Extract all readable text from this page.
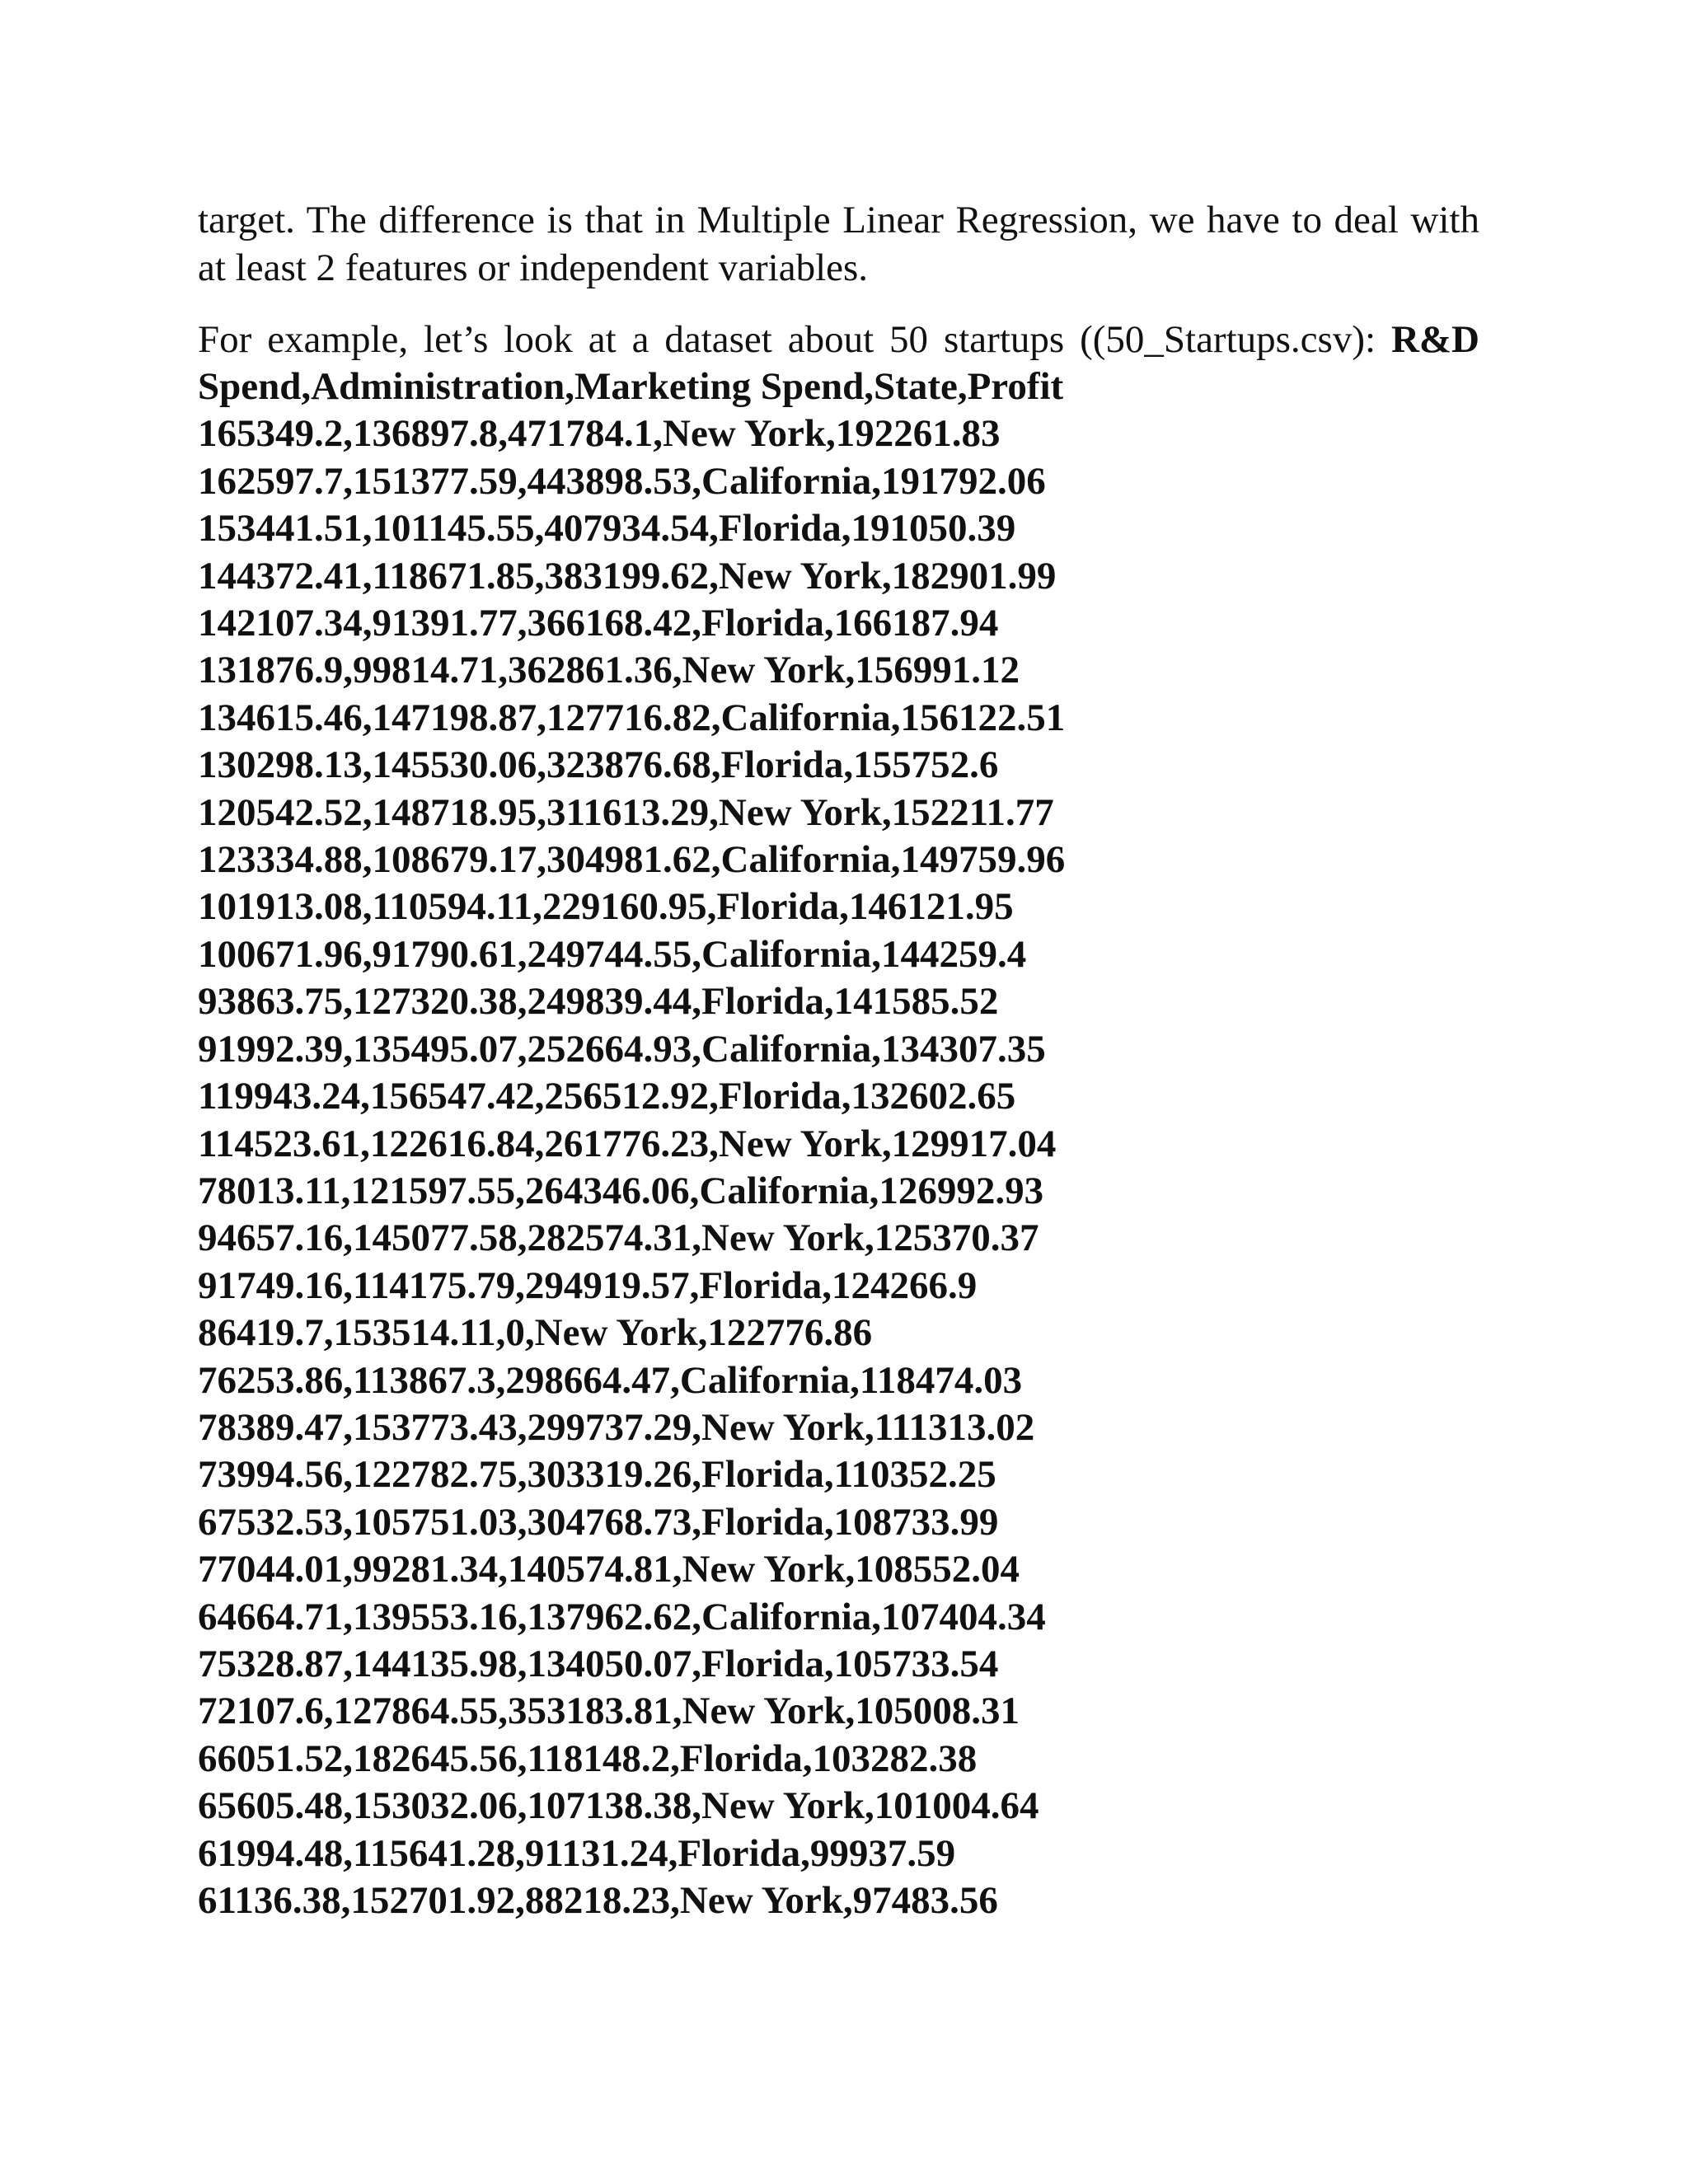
target. The difference is that in Multiple Linear Regression, we have to deal with at least 2 features or independent variables.

For example, let’s look at a dataset about 50 startups ((50_Startups.csv): R&D
Spend,Administration,Marketing Spend,State,Profit
165349.2,136897.8,471784.1,New York,192261.83
162597.7,151377.59,443898.53,California,191792.06
153441.51,101145.55,407934.54,Florida,191050.39
144372.41,118671.85,383199.62,New York,182901.99
142107.34,91391.77,366168.42,Florida,166187.94
131876.9,99814.71,362861.36,New York,156991.12
134615.46,147198.87,127716.82,California,156122.51
130298.13,145530.06,323876.68,Florida,155752.6
120542.52,148718.95,311613.29,New York,152211.77
123334.88,108679.17,304981.62,California,149759.96
101913.08,110594.11,229160.95,Florida,146121.95
100671.96,91790.61,249744.55,California,144259.4
93863.75,127320.38,249839.44,Florida,141585.52
91992.39,135495.07,252664.93,California,134307.35
119943.24,156547.42,256512.92,Florida,132602.65
114523.61,122616.84,261776.23,New York,129917.04
78013.11,121597.55,264346.06,California,126992.93
94657.16,145077.58,282574.31,New York,125370.37
91749.16,114175.79,294919.57,Florida,124266.9
86419.7,153514.11,0,New York,122776.86
76253.86,113867.3,298664.47,California,118474.03
78389.47,153773.43,299737.29,New York,111313.02
73994.56,122782.75,303319.26,Florida,110352.25
67532.53,105751.03,304768.73,Florida,108733.99
77044.01,99281.34,140574.81,New York,108552.04
64664.71,139553.16,137962.62,California,107404.34
75328.87,144135.98,134050.07,Florida,105733.54
72107.6,127864.55,353183.81,New York,105008.31
66051.52,182645.56,118148.2,Florida,103282.38
65605.48,153032.06,107138.38,New York,101004.64
61994.48,115641.28,91131.24,Florida,99937.59
61136.38,152701.92,88218.23,New York,97483.56
